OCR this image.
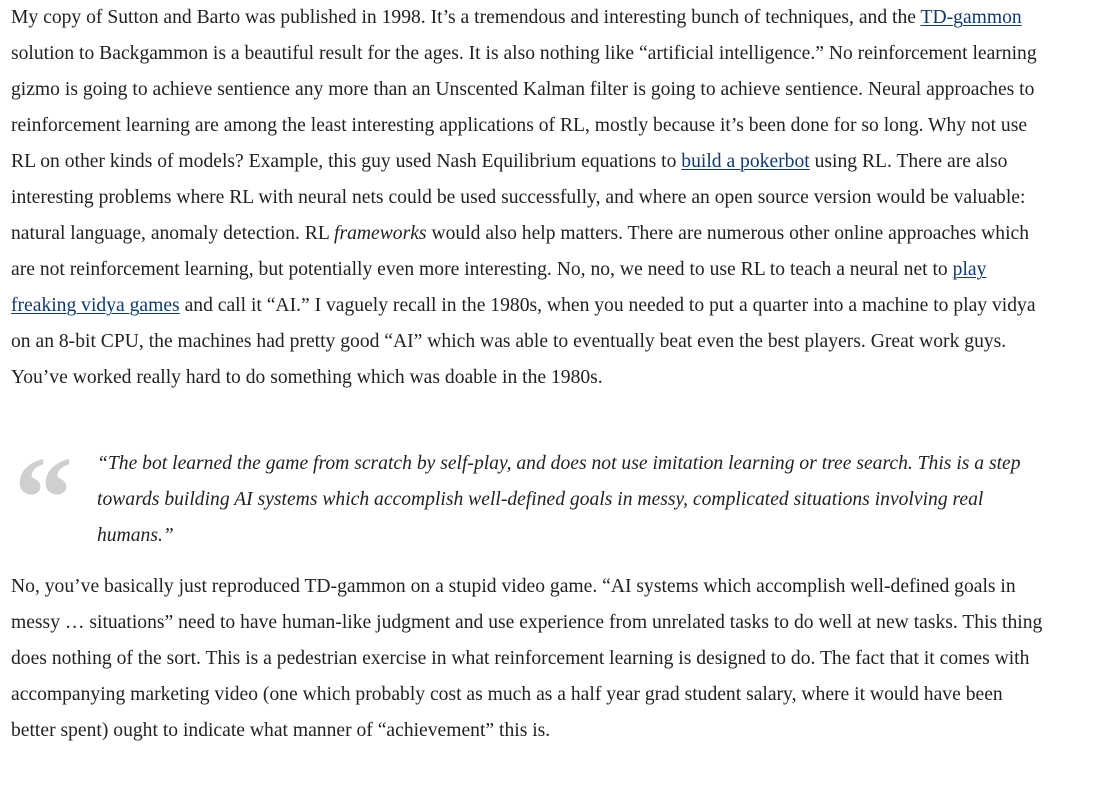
My copy of Sutton and Barto was published in 1998. It’s a tremendous and interesting bunch of techniques, and the TD-gammon solution to Backgammon is a beautiful result for the ages. It is also nothing like “artificial intelligence.” No reinforcement learning gizmo is going to achieve sentience any more than an Unscented Kalman filter is going to achieve sentience. Neural approaches to reinforcement learning are among the least interesting applications of RL, mostly because it’s been done for so long. Why not use RL on other kinds of models? Example, this guy used Nash Equilibrium equations to build a pokerbot using RL. There are also interesting problems where RL with neural nets could be used successfully, and where an open source version would be valuable: natural language, anomaly detection. RL frameworks would also help matters. There are numerous other online approaches which are not reinforcement learning, but potentially even more interesting. No, no, we need to use RL to teach a neural net to play freaking vidya games and call it “AI.” I vaguely recall in the 1980s, when you needed to put a quarter into a machine to play vidya on an 8-bit CPU, the machines had pretty good “AI” which was able to eventually beat even the best players. Great work guys. You’ve worked really hard to do something which was doable in the 1980s.

“ “The bot learned the game from scratch by self-play, and does not use imitation learning or tree search. This is a step towards building AI systems which accomplish well-defined goals in messy, complicated situations involving real humans.”

No, you’ve basically just reproduced TD-gammon on a stupid video game. “AI systems which accomplish well-defined goals in messy … situations” need to have human-like judgment and use experience from unrelated tasks to do well at new tasks. This thing does nothing of the sort. This is a pedestrian exercise in what reinforcement learning is designed to do. The fact that it comes with accompanying marketing video (one which probably cost as much as a half year grad student salary, where it would have been better spent) ought to indicate what manner of “achievement” this is.
